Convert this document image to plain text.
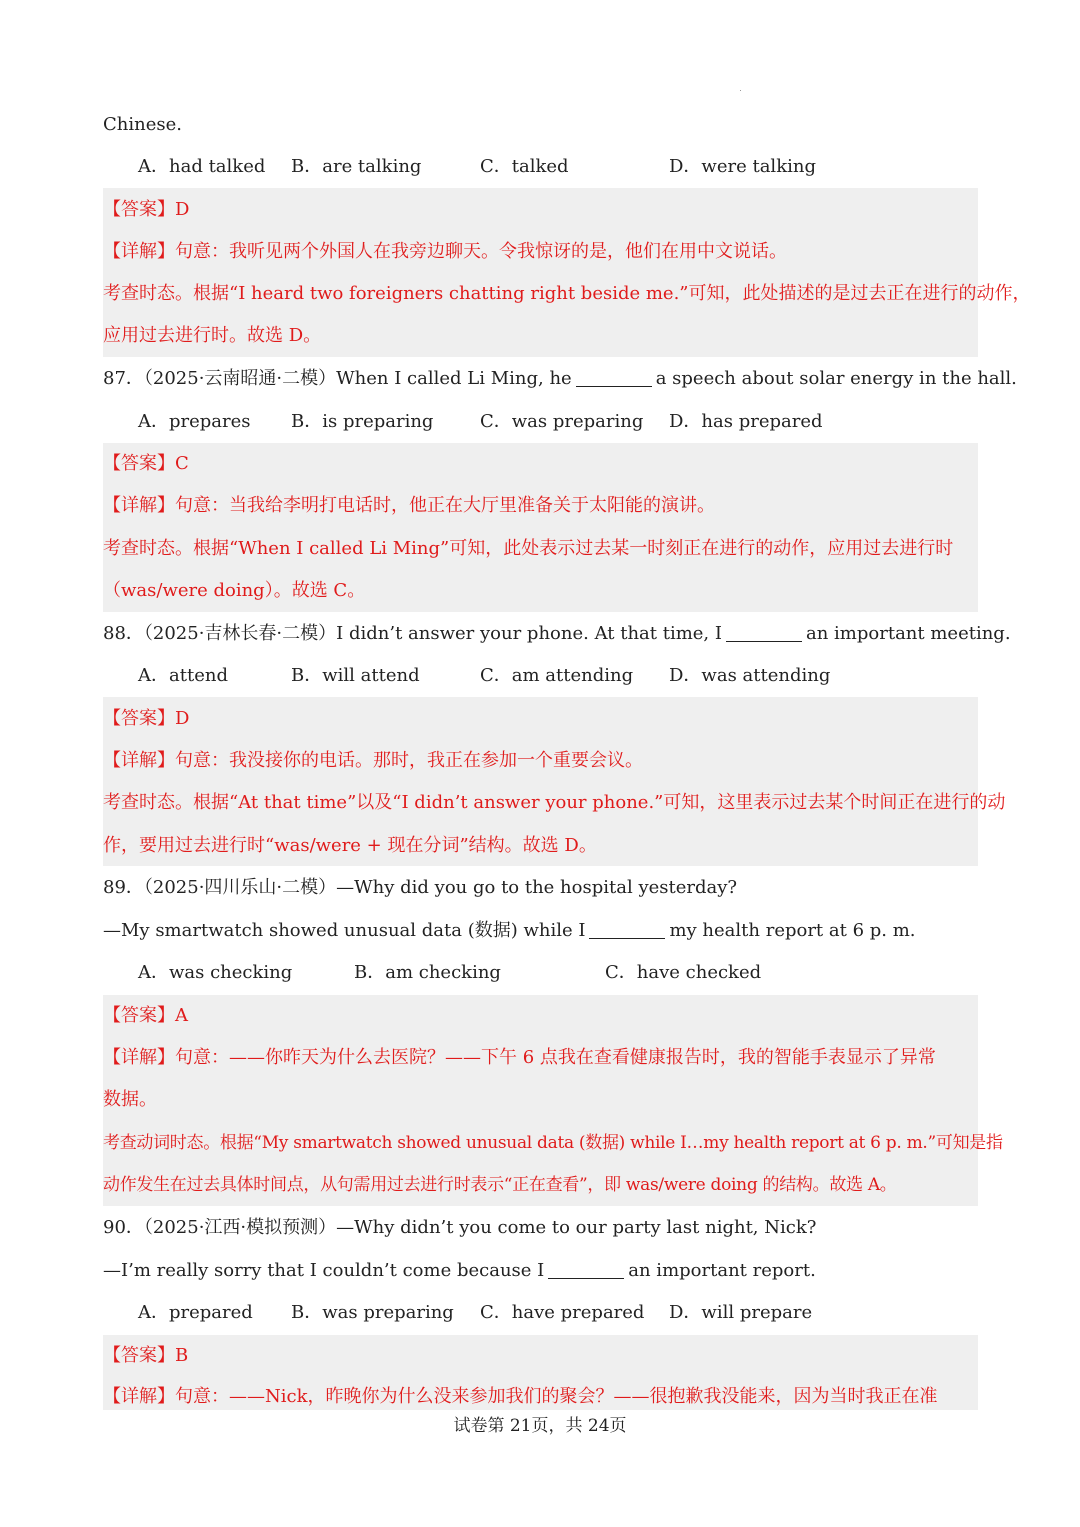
Chinese.
A．had talked B．are talking	C．talked	D．were talking
【答案】D
【详解】句意：我听见两个外国人在我旁边聊天。令我惊讶的是，他们在用中文说话。
考查时态。根据“I heard two foreigners chatting right beside me.”可知，此处描述的是过去正在进行的动作，
应用过去进行时。故选 D。
87．（2025·云南昭通·二模）When I called Li Ming, he	a speech about solar energy in the hall.
A．prepares B．is preparing	C．was preparing D．has prepared
【答案】C
【详解】句意：当我给李明打电话时，他正在大厅里准备关于太阳能的演讲。
考查时态。根据“When I called Li Ming”可知，此处表示过去某一时刻正在进行的动作，应用过去进行时
（was/were doing）。故选 C。
88．（2025·吉林长春·二模）I didn’t answer your phone. At that time, I	an important meeting.
A．attend	B．will attend	C．am attending D．was attending
【答案】D
【详解】句意：我没接你的电话。那时，我正在参加一个重要会议。
考查时态。根据“At that time”以及“I didn’t answer your phone.”可知，这里表示过去某个时间正在进行的动
作，要用过去进行时“was/were + 现在分词”结构。故选 D。
89．（2025·四川乐山·二模）—Why did you go to the hospital yesterday?
—My smartwatch showed unusual data (数据) while I	my health report at 6 p. m.
A．was checking	B．am checking	C．have checked
【答案】A
【详解】句意：——你昨天为什么去医院？——下午 6 点我在查看健康报告时，我的智能手表显示了异常
数据。
考查动词时态。根据“My smartwatch showed unusual data (数据) while I…my health report at 6 p. m.”可知是指
动作发生在过去具体时间点，从句需用过去进行时表示“正在查看”，即 was/were doing 的结构。故选 A。
90．（2025·江西·模拟预测）—Why didn’t you come to our party last night, Nick?
—I’m really sorry that I couldn’t come because I	an important report.
A．prepared B．was preparing C．have prepared D．will prepare
【答案】B
【详解】句意：——Nick，昨晚你为什么没来参加我们的聚会？——很抱歉我没能来，因为当时我正在准
试卷第 21页，共 24页
